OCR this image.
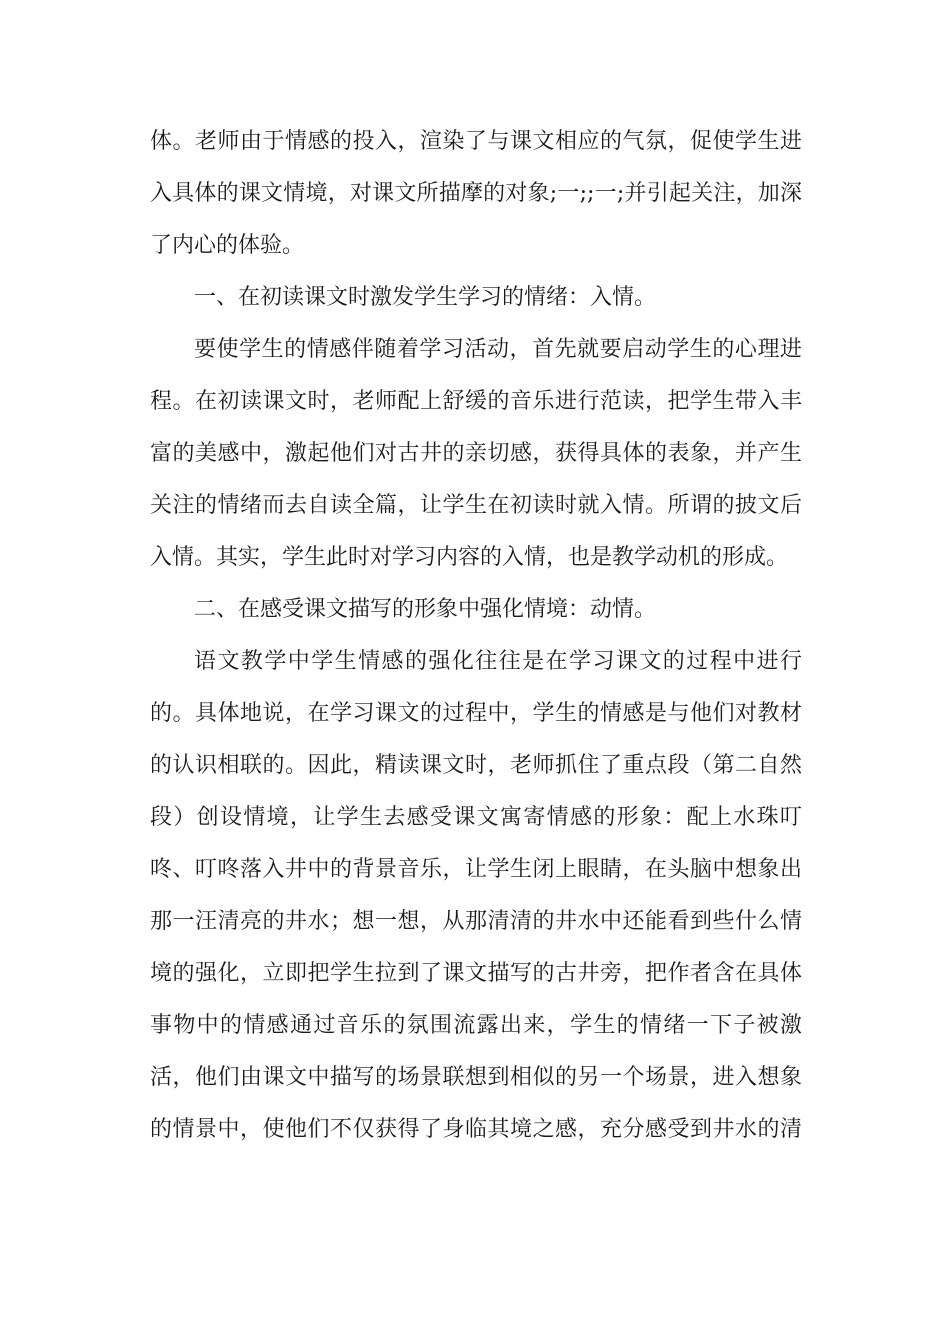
体。老师由于情感的投入，渲染了与课文相应的气氛，促使学生进
入具体的课文情境，对课文所描摩的对象;一;;一;并引起关注，加深
了内心的体验。
一、在初读课文时激发学生学习的情绪：入情。
要使学生的情感伴随着学习活动，首先就要启动学生的心理进
程。在初读课文时，老师配上舒缓的音乐进行范读，把学生带入丰
富的美感中，激起他们对古井的亲切感，获得具体的表象，并产生
关注的情绪而去自读全篇，让学生在初读时就入情。所谓的披文后
入情。其实，学生此时对学习内容的入情，也是教学动机的形成。
二、在感受课文描写的形象中强化情境：动情。
语文教学中学生情感的强化往往是在学习课文的过程中进行
的。具体地说，在学习课文的过程中，学生的情感是与他们对教材
的认识相联的。因此，精读课文时，老师抓住了重点段（第二自然
段）创设情境，让学生去感受课文寓寄情感的形象：配上水珠叮
咚、叮咚落入井中的背景音乐，让学生闭上眼睛，在头脑中想象出
那一汪清亮的井水；想一想，从那清清的井水中还能看到些什么情
境的强化，立即把学生拉到了课文描写的古井旁，把作者含在具体
事物中的情感通过音乐的氛围流露出来，学生的情绪一下子被激
活，他们由课文中描写的场景联想到相似的另一个场景，进入想象
的情景中，使他们不仅获得了身临其境之感，充分感受到井水的清
